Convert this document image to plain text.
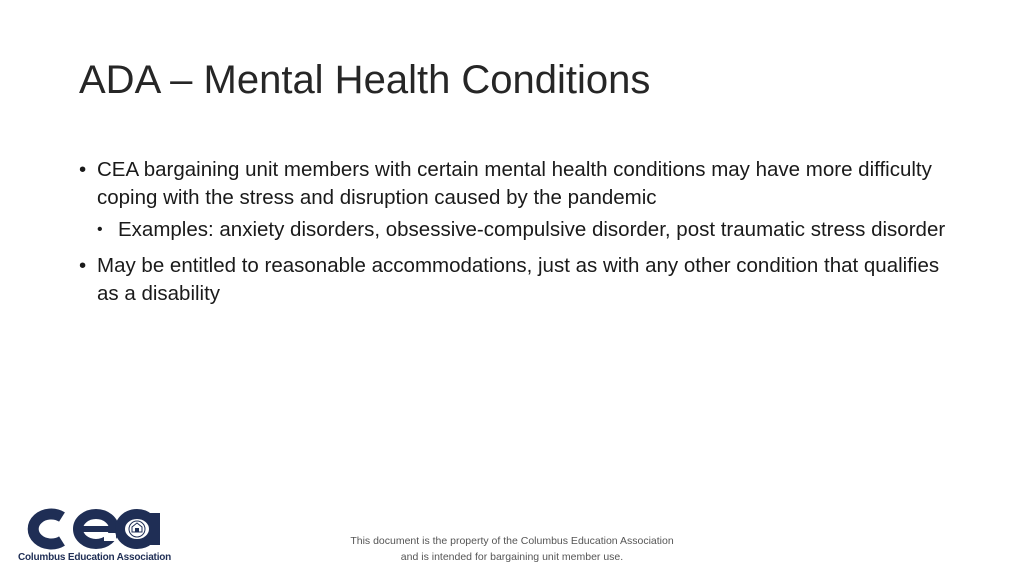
ADA – Mental Health Conditions
• CEA bargaining unit members with certain mental health conditions may have more difficulty coping with the stress and disruption caused by the pandemic
• Examples: anxiety disorders, obsessive-compulsive disorder, post traumatic stress disorder
• May be entitled to reasonable accommodations, just as with any other condition that qualifies as a disability
Columbus Education Association
This document is the property of the Columbus Education Association and is intended for bargaining unit member use.
